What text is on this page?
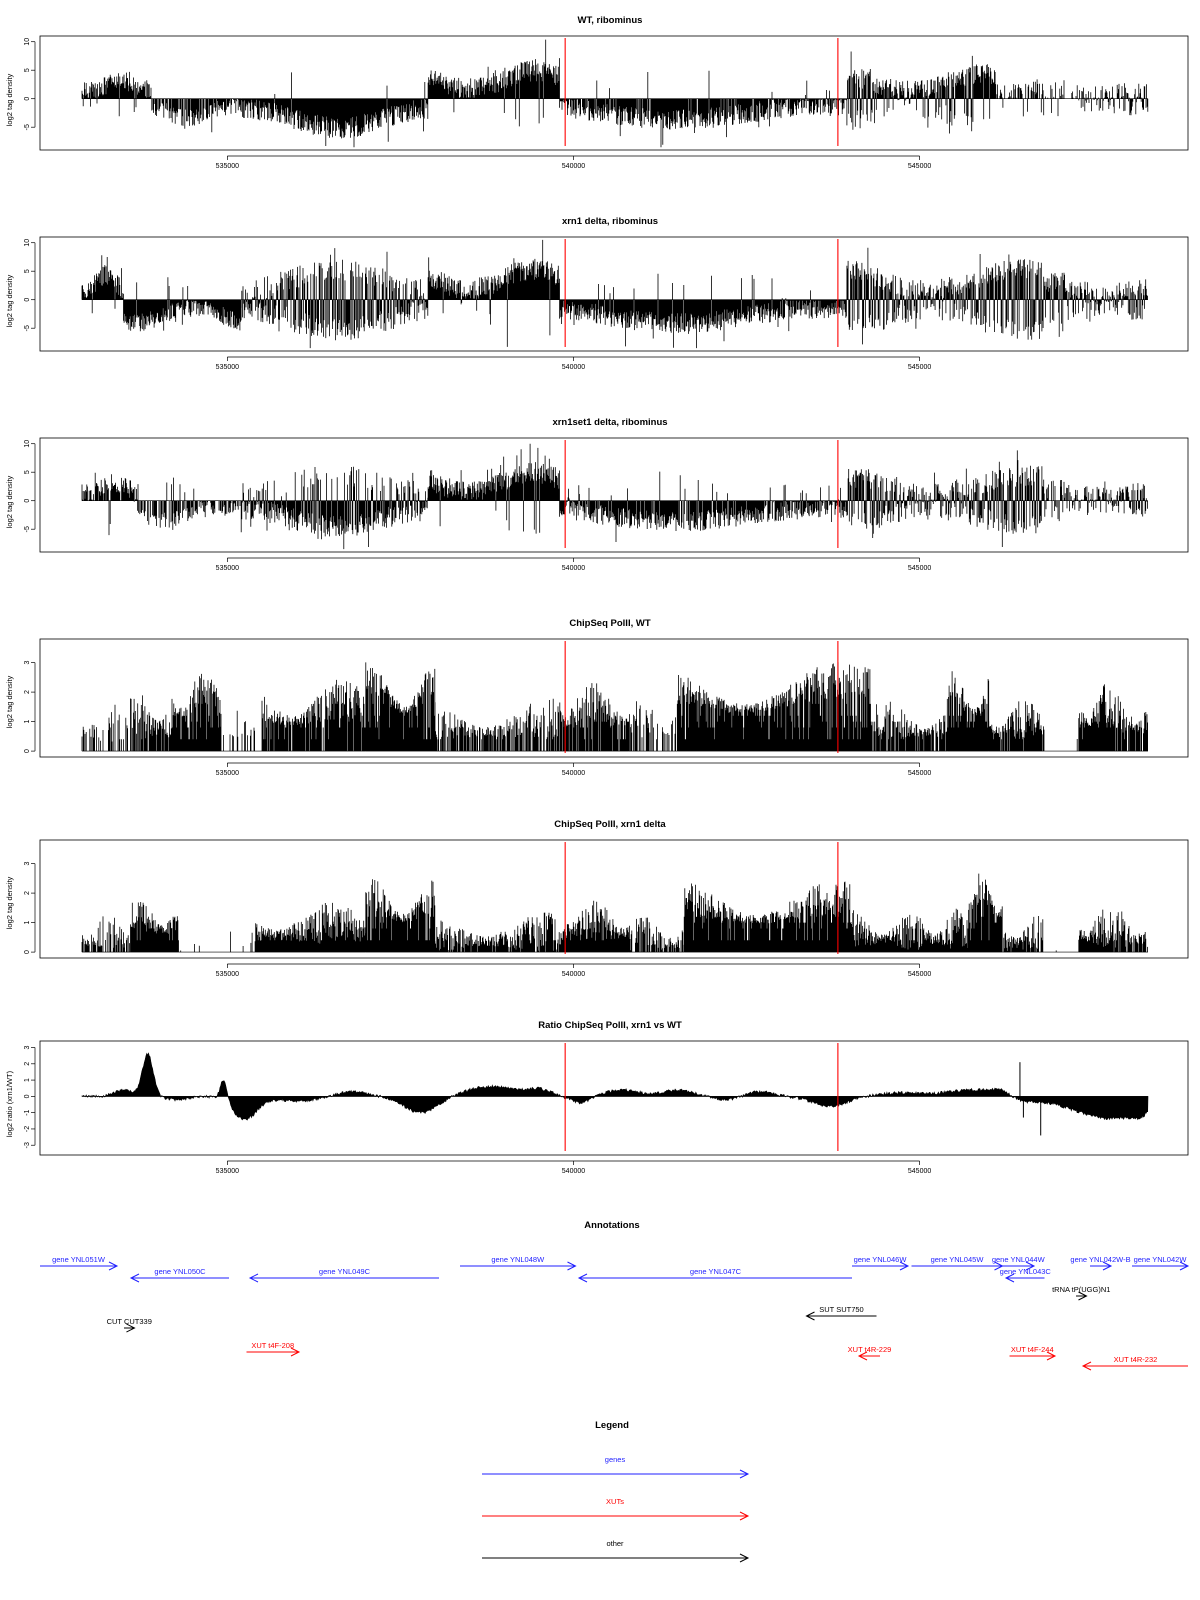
WT, ribominus
log2 tag density
535000	540000	545000
-5
0
5
10
xrn1 delta, ribominus
log2 tag density
535000	540000	545000
-5
0
5
10
xrn1set1 delta, ribominus
log2 tag density
535000	540000	545000
-5
0
5
10
ChipSeq PolII, WT
log2 tag density
535000	540000	545000
0
1
2
3
ChipSeq PolII, xrn1 delta
log2 tag density
535000	540000	545000
0
1
2
3
Ratio ChipSeq PolII, xrn1 vs WT
log2 ratio (xrn1/WT)
535000	540000	545000
-3
-2
-1
0
1
2
3
Annotations
gene YNL051W
gene YNL050C	gene YNL049C
gene YNL048W
gene YNL047C
gene YNL046W	gene YNL045W gene YNL044W
gene YNL043C
gene YNL042W-B gene YNL042W
tRNA tP(UGG)N1
SUT SUT750
CUT CUT339
XUT t4F-208	XUT t4R-229	XUT t4F-244
XUT t4R-232
Legend
genes
XUTs
other
